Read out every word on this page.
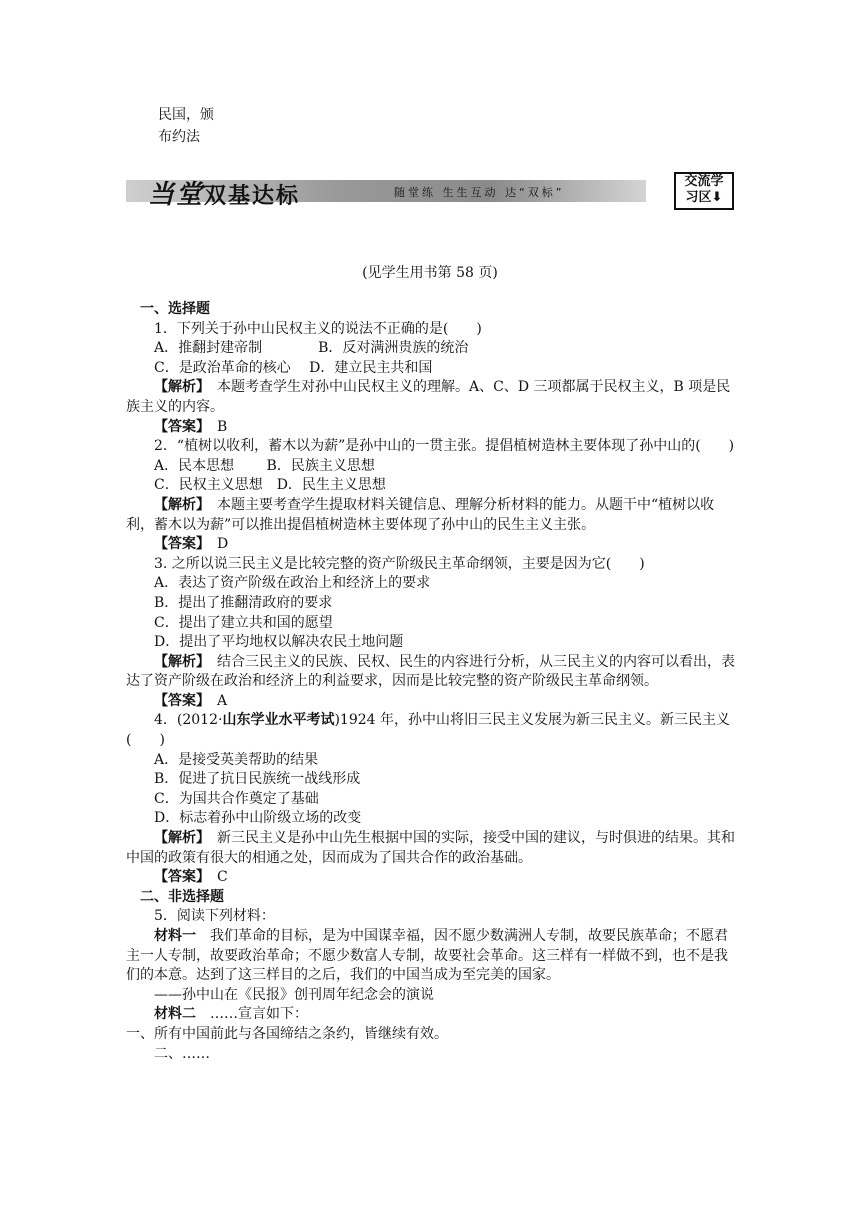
民国，颁
布约法
当堂双基达标	随堂练 生生互动 达“双标”
交流学
习区⬇
(见学生用书第 58 页)

一、选择题

1．下列关于孙中山民权主义的说法不正确的是(　　)

A．推翻封建帝制　　　　B．反对满洲贵族的统治

C．是政治革命的核心　 D．建立民主共和国

【解析】　本题考查学生对孙中山民权主义的理解。A、C、D 三项都属于民权主义，B 项是民族主义的内容。

【答案】　 B

2．“植树以收利，蓄木以为薪”是孙中山的一贯主张。提倡植树造林主要体现了孙中山的(　　)

A．民本思想　　 B．民族主义思想

C．民权主义思想　D．民生主义思想

【解析】　本题主要考查学生提取材料关键信息、理解分析材料的能力。从题干中“植树以收利，蓄木以为薪”可以推出提倡植树造林主要体现了孙中山的民生主义主张。

【答案】　 D

3. 之所以说三民主义是比较完整的资产阶级民主革命纲领，主要是因为它(　　)

A．表达了资产阶级在政治上和经济上的要求

B．提出了推翻清政府的要求

C．提出了建立共和国的愿望

D．提出了平均地权以解决农民土地问题

【解析】　结合三民主义的民族、民权、民生的内容进行分析，从三民主义的内容可以看出，表达了资产阶级在政治和经济上的利益要求，因而是比较完整的资产阶级民主革命纲领。

【答案】　 A

4．(2012·山东学业水平考试)1924 年，孙中山将旧三民主义发展为新三民主义。新三民主义(　　)

A．是接受英美帮助的结果

B．促进了抗日民族统一战线形成

C．为国共合作奠定了基础

D．标志着孙中山阶级立场的改变

【解析】　新三民主义是孙中山先生根据中国的实际，接受中国的建议，与时俱进的结果。其和中国的政策有很大的相通之处，因而成为了国共合作的政治基础。

【答案】　 C

二、非选择题

5．阅读下列材料：

材料一　我们革命的目标，是为中国谋幸福，因不愿少数满洲人专制，故要民族革命；不愿君主一人专制，故要政治革命；不愿少数富人专制，故要社会革命。这三样有一样做不到，也不是我们的本意。达到了这三样目的之后，我们的中国当成为至完美的国家。

——孙中山在《民报》创刊周年纪念会的演说

材料二　……宣言如下：

一、所有中国前此与各国缔结之条约，皆继续有效。

二、……
